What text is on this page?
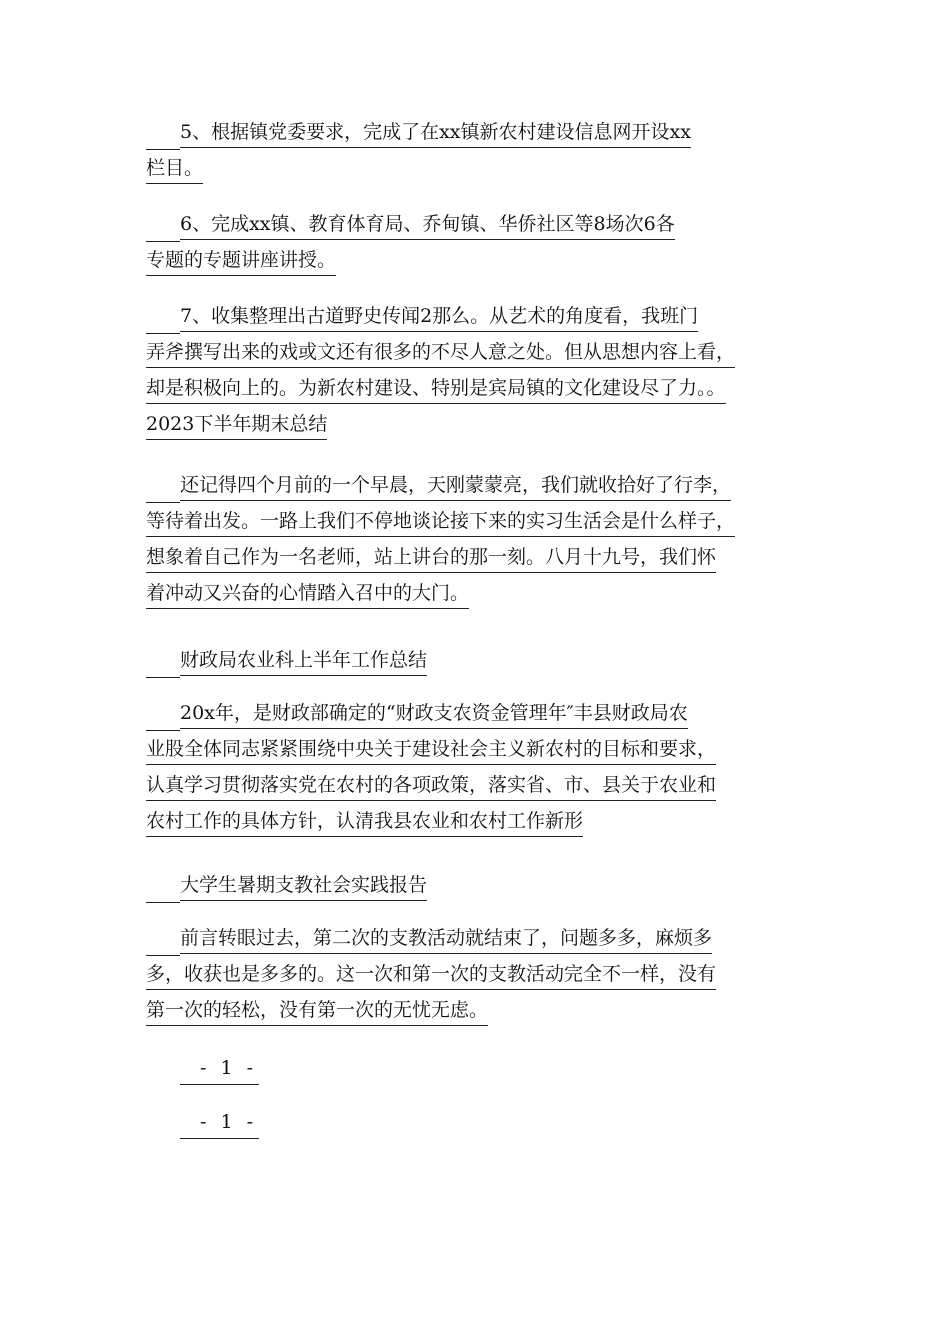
5、根据镇党委要求，完成了在xx镇新农村建设信息网开设xx
栏目。
6、完成xx镇、教育体育局、乔甸镇、华侨社区等8场次6各
专题的专题讲座讲授。
7、收集整理出古道野史传闻2那么。从艺术的角度看，我班门
弄斧撰写出来的戏或文还有很多的不尽人意之处。但从思想内容上看，
却是积极向上的。为新农村建设、特别是宾局镇的文化建设尽了力。。
2023下半年期末总结
还记得四个月前的一个早晨，天刚蒙蒙亮，我们就收拾好了行李，
等待着出发。一路上我们不停地谈论接下来的实习生活会是什么样子，
想象着自己作为一名老师，站上讲台的那一刻。八月十九号，我们怀
着冲动又兴奋的心情踏入召中的大门。
财政局农业科上半年工作总结
20x年，是财政部确定的“财政支农资金管理年″丰县财政局农
业股全体同志紧紧围绕中央关于建设社会主义新农村的目标和要求，
认真学习贯彻落实党在农村的各项政策，落实省、市、县关于农业和
农村工作的具体方针，认清我县农业和农村工作新形
大学生暑期支教社会实践报告
前言转眼过去，第二次的支教活动就结束了，问题多多，麻烦多
多，收获也是多多的。这一次和第一次的支教活动完全不一样，没有
第一次的轻松，没有第一次的无忧无虑。
- 1 -
- 1 -
